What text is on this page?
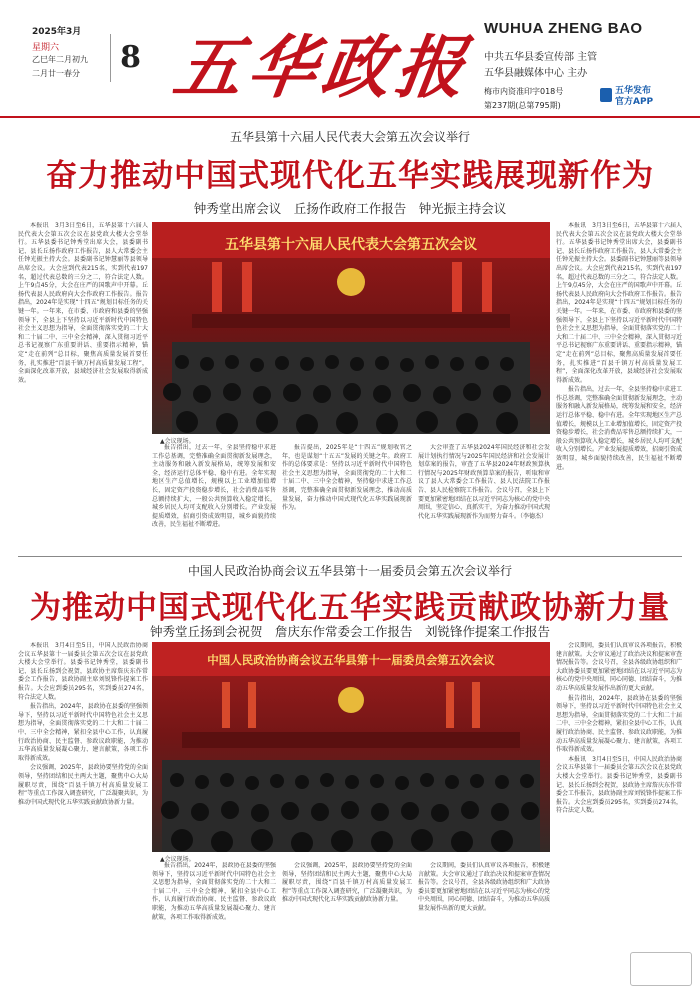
2025年3月
星期六
乙巳年二月初九
二月廿一春分	8 五华政报 WUHUA ZHENG BAO
中共五华县委宣传部 主管
五华县融媒体中心 主办
梅市内资准印字018号
第237期(总第795期)
五华发布
官方APP
五华县第十六届人民代表大会第五次会议举行
奋力推动中国式现代化五华实践展现新作为
钟秀堂出席会议　丘扬作政府工作报告　钟光振主持会议

本报讯　3月3日至6日，五华县第十六届人民代表大会第五次会议在县党政大楼大会堂举行。五华县委书记钟秀堂出席大会，县委副书记、县长丘扬作政府工作报告，县人大常委会主任钟光振主持大会。县委副书记钟慧丽等县领导出席会议。大会应到代表215名，实到代表197名，超过代表总数的三分之二，符合法定人数。上午9点45分，大会在庄严的国歌声中开幕。丘扬代表县人民政府向大会作政府工作报告。报告指出，2024年是实现“十四五”规划目标任务的关键一年。一年来，在市委、市政府和县委的坚强领导下，全县上下坚持以习近平新时代中国特色社会主义思想为指导，全面贯彻落实党的二十大和二十届二中、三中全会精神，深入贯彻习近平总书记视察广东重要讲话、重要指示精神，锚定“走在前列”总目标，聚焦高质量发展首要任务，扎实推进“百县千镇万村高质量发展工程”，全面深化改革开放，县域经济社会发展取得新成效。

五华县第十六届人民代表大会第五次会议
▲会议现场。

报告指出，过去一年，全县坚持稳中求进工作总基调，完整准确全面贯彻新发展理念，主动服务和融入新发展格局，统筹发展和安全，经济运行总体平稳、稳中有进。全年实现地区生产总值增长，规模以上工业增加值增长，固定资产投资稳步增长，社会消费品零售总额持续扩大，一般公共预算收入稳定增长，城乡居民人均可支配收入分别增长。产业发展提质增效，招商引资成效明显，城乡面貌持续改善，民生福祉不断增进。

报告提出，2025年是“十四五”规划收官之年，也是谋划“十五五”发展的关键之年。政府工作的总体要求是：坚持以习近平新时代中国特色社会主义思想为指导，全面贯彻党的二十大和二十届二中、三中全会精神，坚持稳中求进工作总基调，完整准确全面贯彻新发展理念，推动高质量发展，奋力推动中国式现代化五华实践展现新作为。

大会审查了五华县2024年国民经济和社会发展计划执行情况与2025年国民经济和社会发展计划草案的报告，审查了五华县2024年财政预算执行情况与2025年财政预算草案的报告，听取和审议了县人大常委会工作报告、县人民法院工作报告、县人民检察院工作报告。会议号召，全县上下要更加紧密地团结在以习近平同志为核心的党中央周围，坚定信心、真抓实干，为奋力推动中国式现代化五华实践展现新作为而努力奋斗。（李德杰）

本报讯　3月3日至6日，五华县第十六届人民代表大会第五次会议在县党政大楼大会堂举行。五华县委书记钟秀堂出席大会，县委副书记、县长丘扬作政府工作报告，县人大常委会主任钟光振主持大会。县委副书记钟慧丽等县领导出席会议。大会应到代表215名，实到代表197名，超过代表总数的三分之二，符合法定人数。上午9点45分，大会在庄严的国歌声中开幕。丘扬代表县人民政府向大会作政府工作报告。报告指出，2024年是实现“十四五”规划目标任务的关键一年。一年来，在市委、市政府和县委的坚强领导下，全县上下坚持以习近平新时代中国特色社会主义思想为指导，全面贯彻落实党的二十大和二十届二中、三中全会精神，深入贯彻习近平总书记视察广东重要讲话、重要指示精神，锚定“走在前列”总目标，聚焦高质量发展首要任务，扎实推进“百县千镇万村高质量发展工程”，全面深化改革开放，县域经济社会发展取得新成效。

报告指出，过去一年，全县坚持稳中求进工作总基调，完整准确全面贯彻新发展理念，主动服务和融入新发展格局，统筹发展和安全，经济运行总体平稳、稳中有进。全年实现地区生产总值增长，规模以上工业增加值增长，固定资产投资稳步增长，社会消费品零售总额持续扩大，一般公共预算收入稳定增长，城乡居民人均可支配收入分别增长。产业发展提质增效，招商引资成效明显，城乡面貌持续改善，民生福祉不断增进。

中国人民政治协商会议五华县第十一届委员会第五次会议举行
为推动中国式现代化五华实践贡献政协新力量
钟秀堂丘扬到会祝贺　詹庆东作常委会工作报告　刘锐锋作提案工作报告

本报讯　3月4日至5日，中国人民政治协商会议五华县第十一届委员会第五次会议在县党政大楼大会堂举行。县委书记钟秀堂，县委副书记、县长丘扬到会祝贺，县政协主席詹庆东作常委会工作报告，县政协副主席刘锐锋作提案工作报告。大会应到委员295名，实到委员274名，符合法定人数。

报告指出，2024年，县政协在县委的坚强领导下，坚持以习近平新时代中国特色社会主义思想为指导，全面贯彻落实党的二十大和二十届二中、三中全会精神，紧扣全县中心工作，认真履行政治协商、民主监督、参政议政职能，为推动五华高质量发展凝心聚力、建言献策，各项工作取得新成效。

会议强调，2025年，县政协要坚持党的全面领导，坚持团结和民主两大主题，聚焦中心大局履职尽责，围绕“百县千镇万村高质量发展工程”等重点工作深入调查研究，广泛凝聚共识，为推动中国式现代化五华实践贡献政协新力量。

中国人民政治协商会议五华县第十一届委员会第五次会议
▲会议现场。

报告指出，2024年，县政协在县委的坚强领导下，坚持以习近平新时代中国特色社会主义思想为指导，全面贯彻落实党的二十大和二十届二中、三中全会精神，紧扣全县中心工作，认真履行政治协商、民主监督、参政议政职能，为推动五华高质量发展凝心聚力、建言献策，各项工作取得新成效。

会议强调，2025年，县政协要坚持党的全面领导，坚持团结和民主两大主题，聚焦中心大局履职尽责，围绕“百县千镇万村高质量发展工程”等重点工作深入调查研究，广泛凝聚共识，为推动中国式现代化五华实践贡献政协新力量。

会议期间，委员们认真审议各项报告，积极建言献策。大会审议通过了政治决议和提案审查情况报告等。会议号召，全县各级政协组织和广大政协委员要更加紧密地团结在以习近平同志为核心的党中央周围，同心同德、团结奋斗，为推动五华高质量发展作出新的更大贡献。

会议期间，委员们认真审议各项报告，积极建言献策。大会审议通过了政治决议和提案审查情况报告等。会议号召，全县各级政协组织和广大政协委员要更加紧密地团结在以习近平同志为核心的党中央周围，同心同德、团结奋斗，为推动五华高质量发展作出新的更大贡献。

报告指出，2024年，县政协在县委的坚强领导下，坚持以习近平新时代中国特色社会主义思想为指导，全面贯彻落实党的二十大和二十届二中、三中全会精神，紧扣全县中心工作，认真履行政治协商、民主监督、参政议政职能，为推动五华高质量发展凝心聚力、建言献策，各项工作取得新成效。

本报讯　3月4日至5日，中国人民政治协商会议五华县第十一届委员会第五次会议在县党政大楼大会堂举行。县委书记钟秀堂，县委副书记、县长丘扬到会祝贺，县政协主席詹庆东作常委会工作报告，县政协副主席刘锐锋作提案工作报告。大会应到委员295名，实到委员274名，符合法定人数。
